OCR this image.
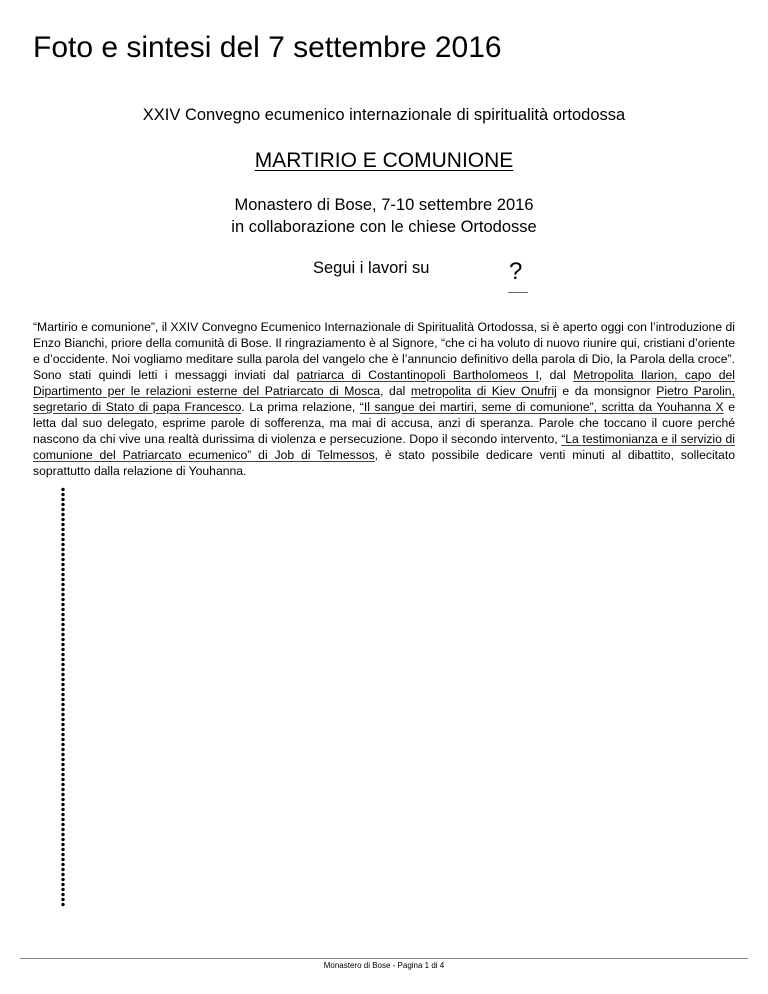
Foto e sintesi del 7 settembre 2016
XXIV Convegno ecumenico internazionale di spiritualità ortodossa
MARTIRIO E COMUNIONE
Monastero di Bose, 7-10 settembre 2016
in collaborazione con le chiese Ortodosse
Segui i lavori su	?

“Martirio e comunione”, il XXIV Convegno Ecumenico Internazionale di Spiritualità Ortodossa, si è aperto oggi con l’introduzione di Enzo Bianchi, priore della comunità di Bose. Il ringraziamento è al Signore, “che ci ha voluto di nuovo riunire qui, cristiani d’oriente e d’occidente. Noi vogliamo meditare sulla parola del vangelo che è l’annuncio definitivo della parola di Dio, la Parola della croce”. Sono stati quindi letti i messaggi inviati dal patriarca di Costantinopoli Bartholomeos I, dal Metropolita Ilarion, capo del Dipartimento per le relazioni esterne del Patriarcato di Mosca, dal metropolita di Kiev Onufrij e da monsignor Pietro Parolin, segretario di Stato di papa Francesco. La prima relazione, “Il sangue dei martiri, seme di comunione”, scritta da Youhanna X e letta dal suo delegato, esprime parole di sofferenza, ma mai di accusa, anzi di speranza. Parole che toccano il cuore perché nascono da chi vive una realtà durissima di violenza e persecuzione. Dopo il secondo intervento, “La testimonianza e il servizio di comunione del Patriarcato ecumenico” di Job di Telmessos, è stato possibile dedicare venti minuti al dibattito, sollecitato soprattutto dalla relazione di Youhanna.

Monastero di Bose - Pagina 1 di 4
